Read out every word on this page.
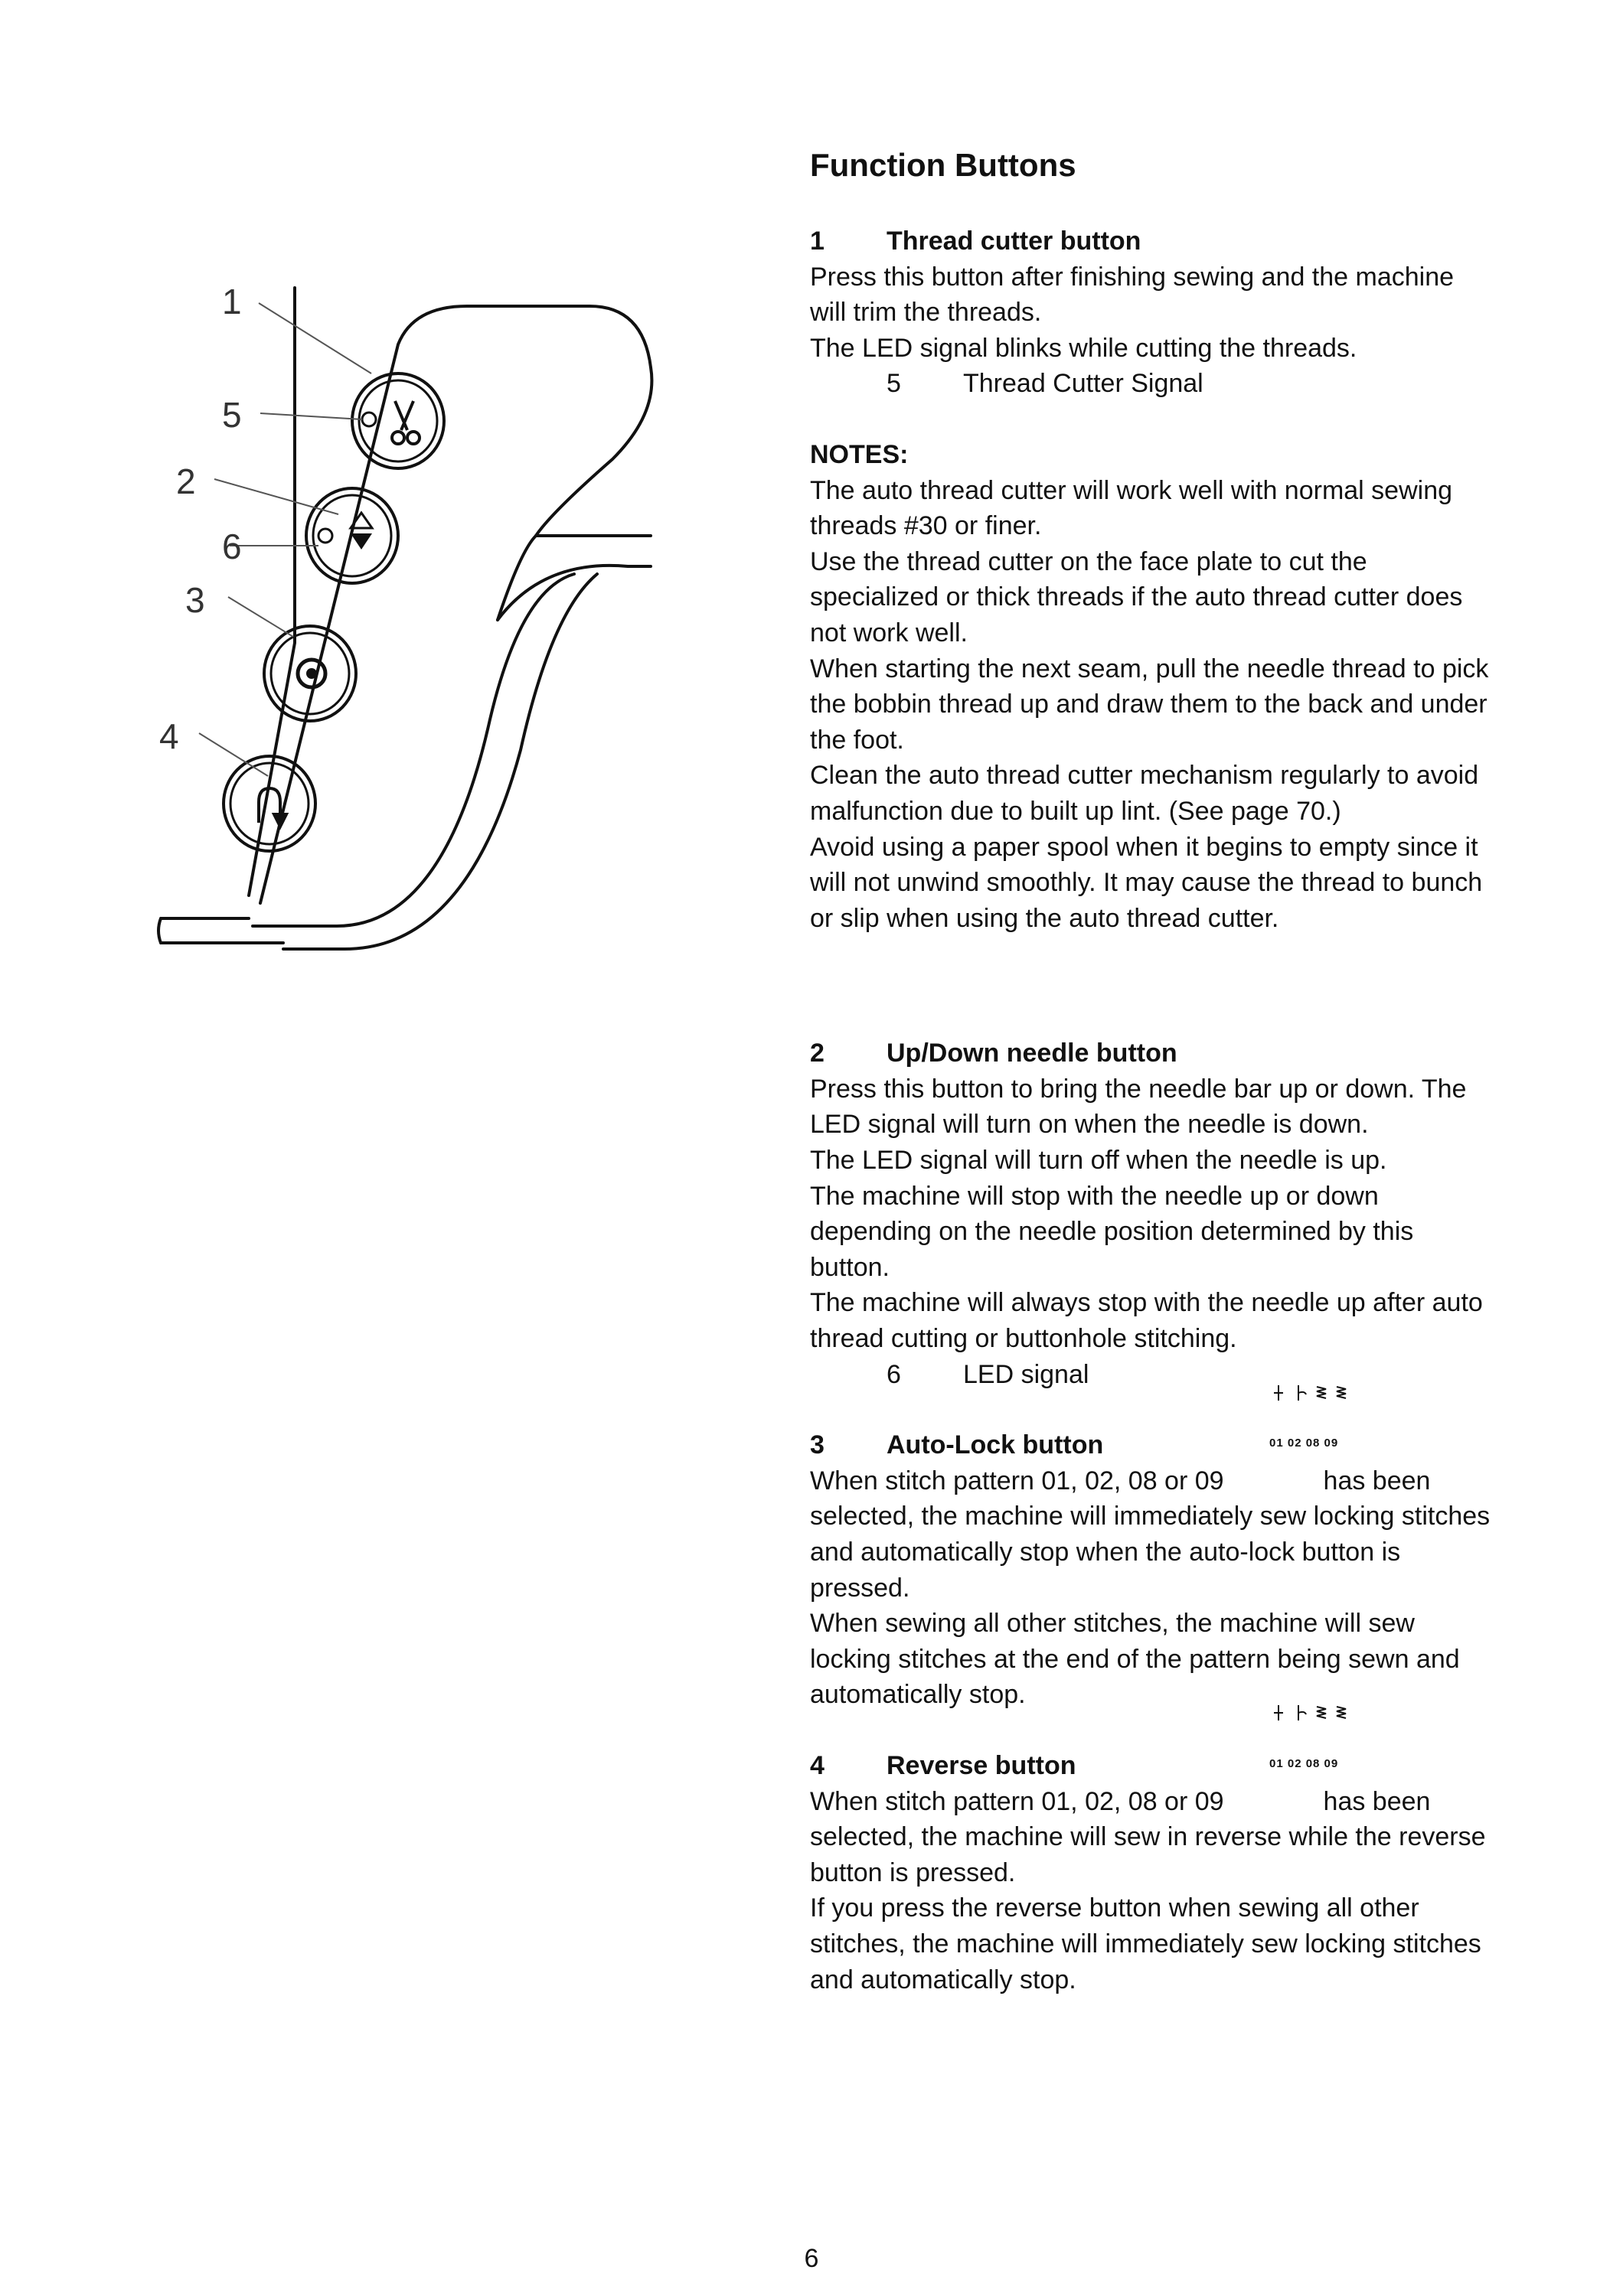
1
5
2
6
3
4
Function Buttons

1 Thread cutter button

Press this button after finishing sewing and the machine

will trim the threads.

The LED signal blinks while cutting the threads.

5 Thread Cutter Signal

NOTES:

The auto thread cutter will work well with normal sewing

threads #30 or finer.

Use the thread cutter on the face plate to cut the

specialized or thick threads if the auto thread cutter does

not work well.

When starting the next seam, pull the needle thread to pick

the bobbin thread up and draw them to the back and under

the foot.

Clean the auto thread cutter mechanism regularly to avoid

malfunction due to built up lint. (See page 70.)

Avoid using a paper spool when it begins to empty since it

will not unwind smoothly. It may cause the thread to bunch

or slip when using the auto thread cutter.

2 Up/Down needle button

Press this button to bring the needle bar up or down. The

LED signal will turn on when the needle is down.

The LED signal will turn off when the needle is up.

The machine will stop with the needle up or down

depending on the needle position determined by this

button.

The machine will always stop with the needle up after auto

thread cutting or buttonhole stitching.

6 LED signal

3 Auto-Lock button	01 02 08 09

When stitch pattern 01, 02, 08 or 09	has been

selected, the machine will immediately sew locking stitches

and automatically stop when the auto-lock button is

pressed.

When sewing all other stitches, the machine will sew

locking stitches at the end of the pattern being sewn and

automatically stop.

4 Reverse button	01 02 08 09

When stitch pattern 01, 02, 08 or 09	has been

selected, the machine will sew in reverse while the reverse

button is pressed.

If you press the reverse button when sewing all other

stitches, the machine will immediately sew locking stitches

and automatically stop.

6
